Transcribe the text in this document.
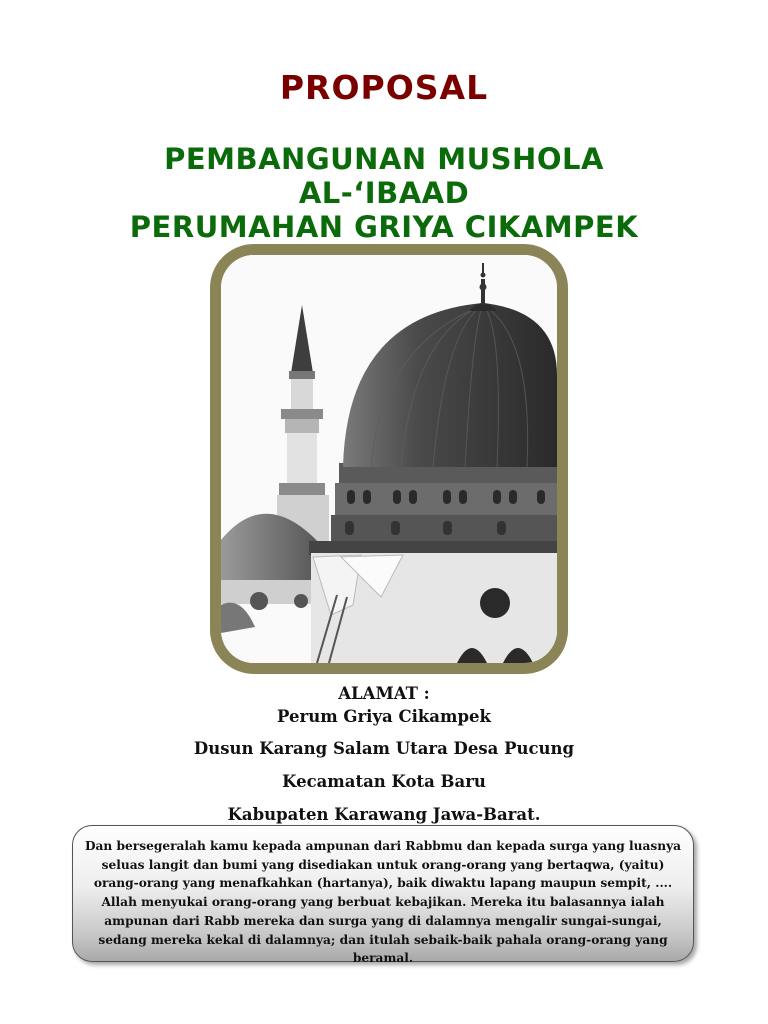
PROPOSAL
PEMBANGUNAN MUSHOLA
AL-‘IBAAD
PERUMAHAN GRIYA CIKAMPEK
ALAMAT :
Perum Griya Cikampek
Dusun Karang Salam Utara Desa Pucung
Kecamatan Kota Baru
Kabupaten Karawang Jawa-Barat.

Dan bersegeralah kamu kepada ampunan dari Rabbmu dan kepada surga yang luasnya seluas langit dan bumi yang disediakan untuk orang-orang yang bertaqwa, (yaitu) orang-orang yang menafkahkan (hartanya), baik diwaktu lapang maupun sempit, .... Allah menyukai orang-orang yang berbuat kebajikan. Mereka itu balasannya ialah ampunan dari Rabb mereka dan surga yang di dalamnya mengalir sungai-sungai, sedang mereka kekal di dalamnya; dan itulah sebaik-baik pahala orang-orang yang beramal.
